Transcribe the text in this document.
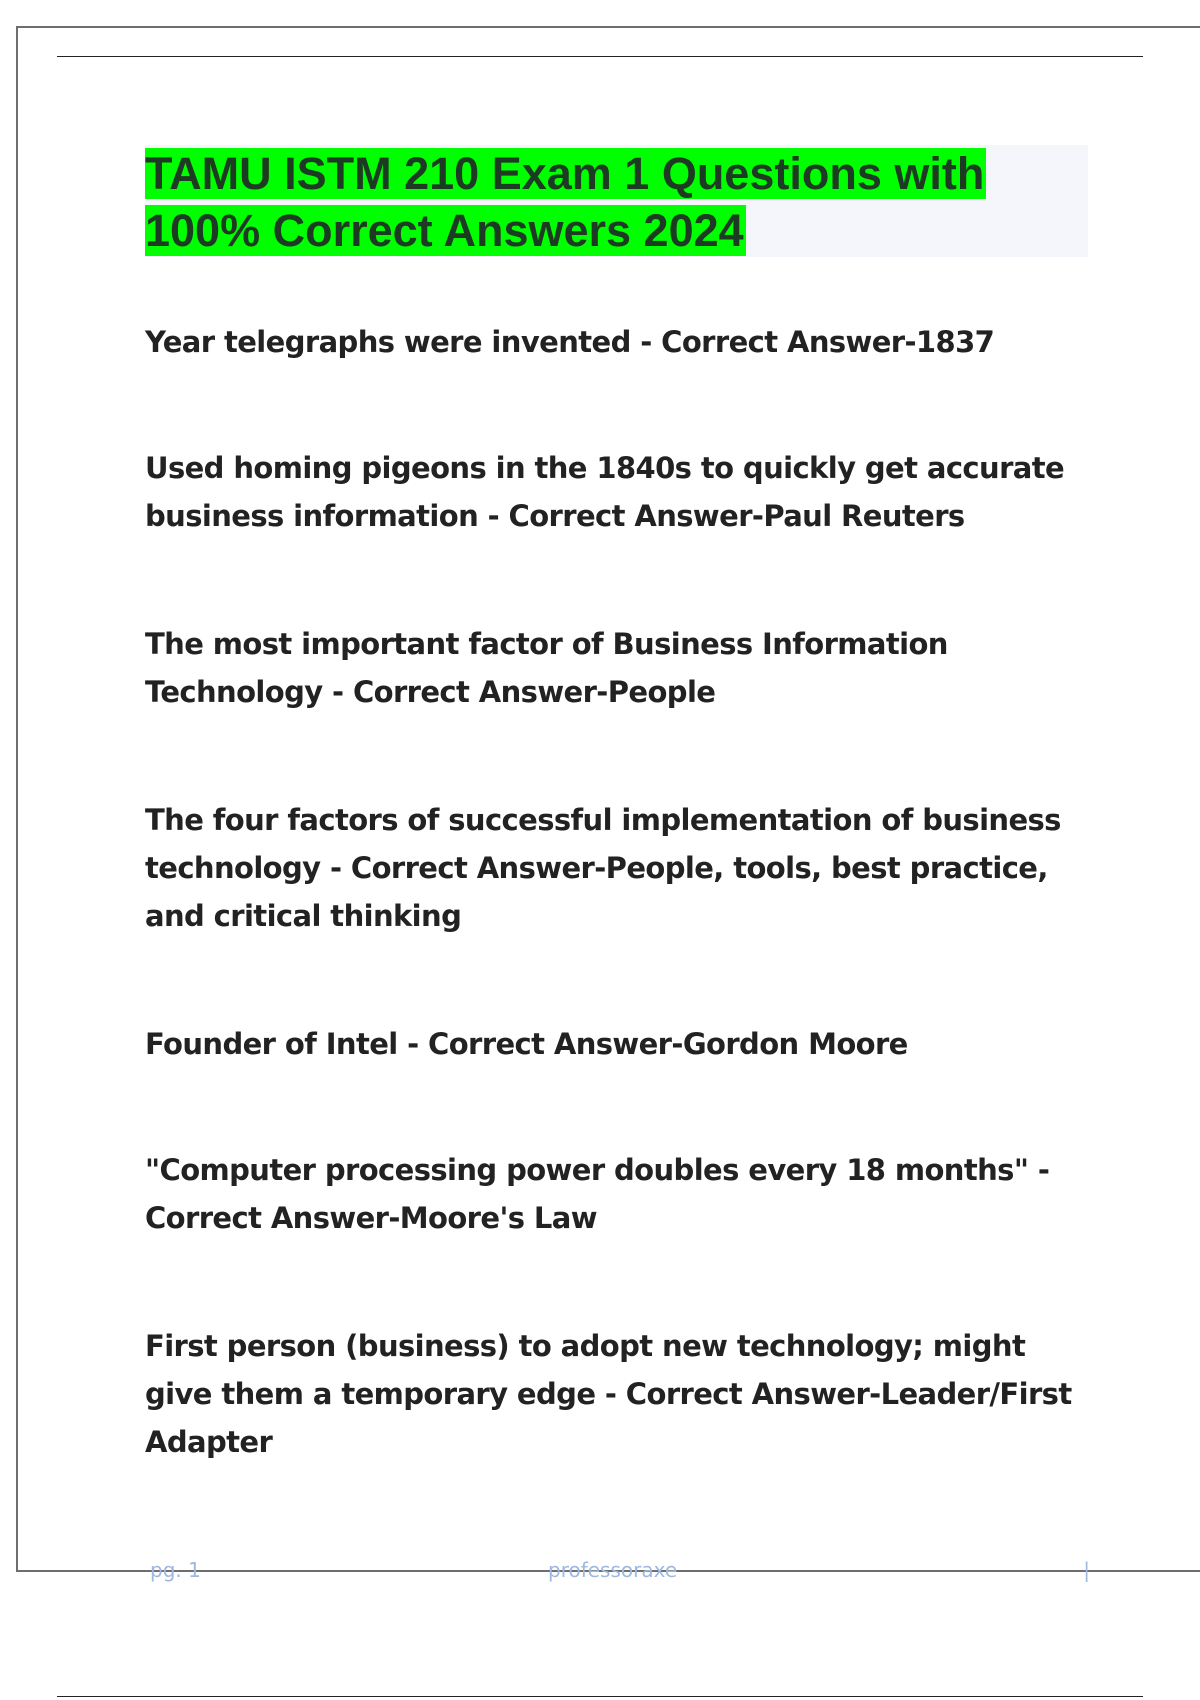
TAMU ISTM 210 Exam 1 Questions with 100% Correct Answers 2024
Year telegraphs were invented - Correct Answer-1837
Used homing pigeons in the 1840s to quickly get accurate business information - Correct Answer-Paul Reuters
The most important factor of Business Information Technology - Correct Answer-People
The four factors of successful implementation of business technology - Correct Answer-People, tools, best practice, and critical thinking
Founder of Intel - Correct Answer-Gordon Moore
"Computer processing power doubles every 18 months" - Correct Answer-Moore's Law
First person (business) to adopt new technology; might give them a temporary edge - Correct Answer-Leader/First Adapter
pg. 1	professoraxe	|
